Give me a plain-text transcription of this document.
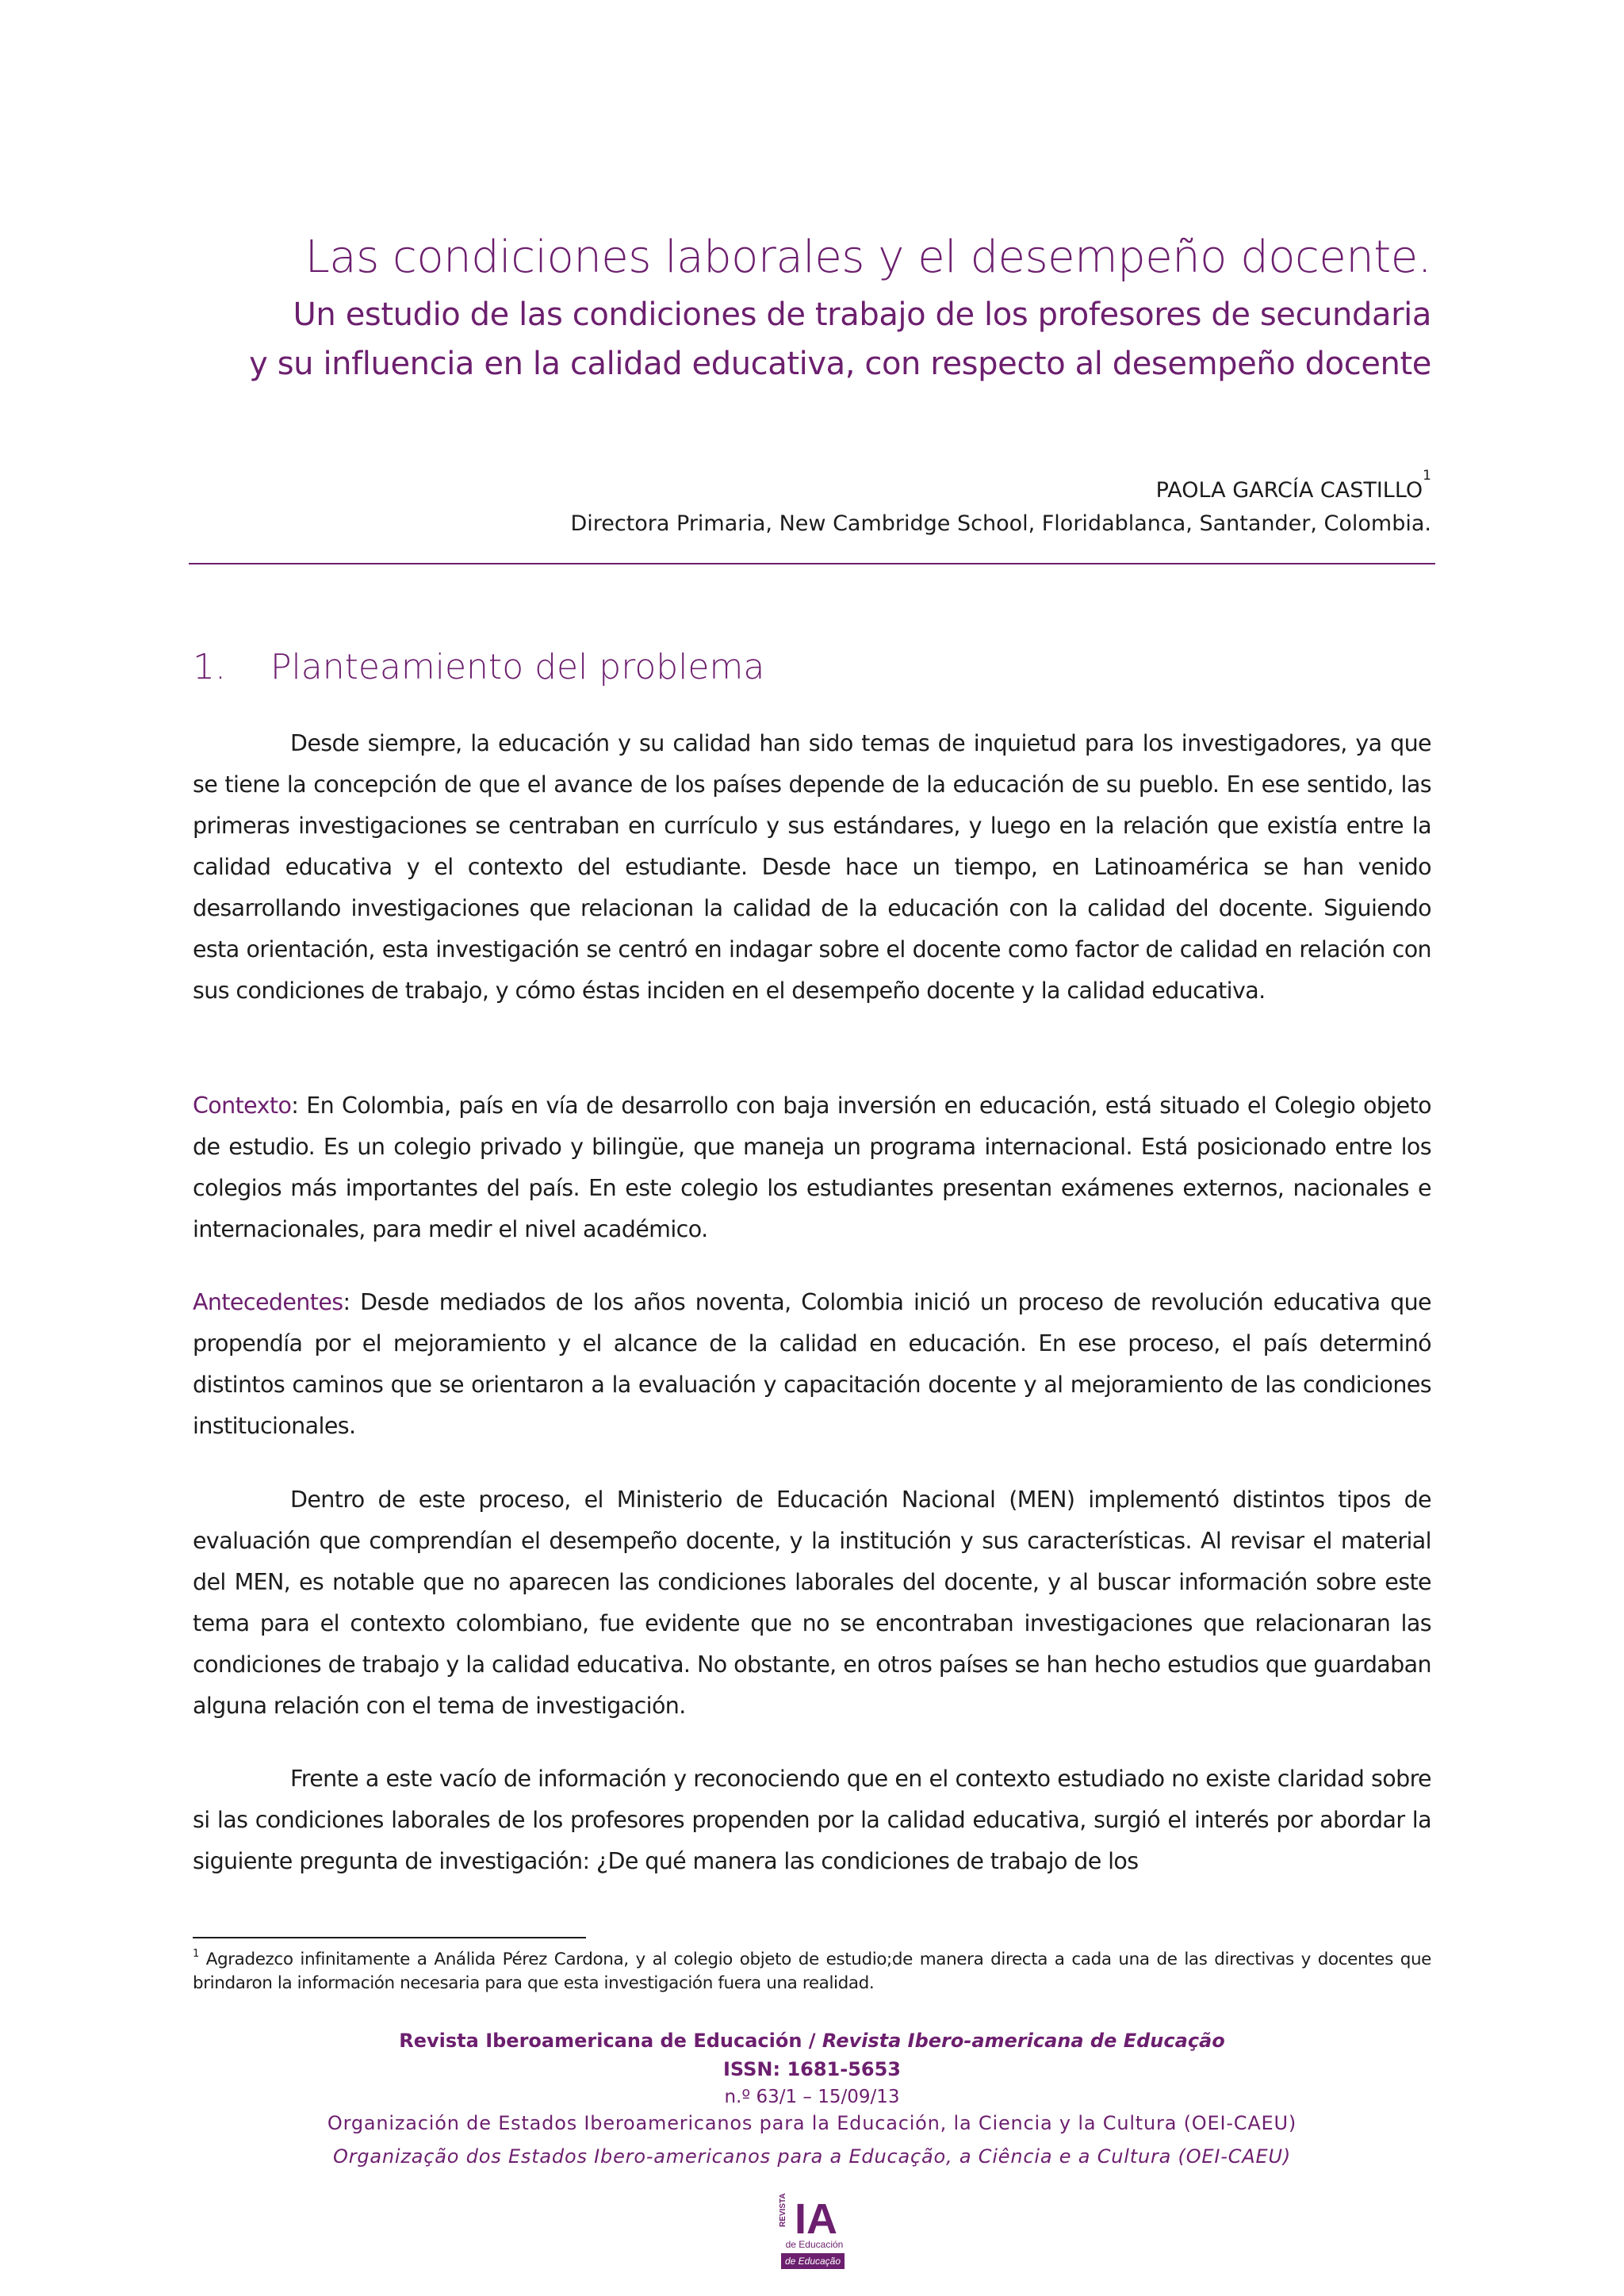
Las condiciones laborales y el desempeño docente.
Un estudio de las condiciones de trabajo de los profesores de secundaria
y su influencia en la calidad educativa, con respecto al desempeño docente
PAOLA GARCÍA CASTILLO$^1$
Directora Primaria, New Cambridge School, Floridablanca, Santander, Colombia.
1. Planteamiento del problema

Desde siempre, la educación y su calidad han sido temas de inquietud para los investigadores, ya que se tiene la concepción de que el avance de los países depende de la educación de su pueblo. En ese sentido, las primeras investigaciones se centraban en currículo y sus estándares, y luego en la relación que existía entre la calidad educativa y el contexto del estudiante. Desde hace un tiempo, en Latinoamérica se han venido desarrollando investigaciones que relacionan la calidad de la educación con la calidad del docente. Siguiendo esta orientación, esta investigación se centró en indagar sobre el docente como factor de calidad en relación con sus condiciones de trabajo, y cómo éstas inciden en el desempeño docente y la calidad educativa.

Contexto: En Colombia, país en vía de desarrollo con baja inversión en educación, está situado el Colegio objeto de estudio. Es un colegio privado y bilingüe, que maneja un programa internacional. Está posicionado entre los colegios más importantes del país. En este colegio los estudiantes presentan exámenes externos, nacionales e internacionales, para medir el nivel académico.

Antecedentes: Desde mediados de los años noventa, Colombia inició un proceso de revolución educativa que propendía por el mejoramiento y el alcance de la calidad en educación. En ese proceso, el país determinó distintos caminos que se orientaron a la evaluación y capacitación docente y al mejoramiento de las condiciones institucionales.

Dentro de este proceso, el Ministerio de Educación Nacional (MEN) implementó distintos tipos de evaluación que comprendían el desempeño docente, y la institución y sus características. Al revisar el material del MEN, es notable que no aparecen las condiciones laborales del docente, y al buscar información sobre este tema para el contexto colombiano, fue evidente que no se encontraban investigaciones que relacionaran las condiciones de trabajo y la calidad educativa. No obstante, en otros países se han hecho estudios que guardaban alguna relación con el tema de investigación.

Frente a este vacío de información y reconociendo que en el contexto estudiado no existe claridad sobre si las condiciones laborales de los profesores propenden por la calidad educativa, surgió el interés por abordar la siguiente pregunta de investigación: ¿De qué manera las condiciones de trabajo de los

$^1$ Agradezco infinitamente a Análida Pérez Cardona, y al colegio objeto de estudio;de manera directa a cada una de las directivas y docentes que brindaron la información necesaria para que esta investigación fuera una realidad.

Revista Iberoamericana de Educación / Revista Ibero-americana de Educação
ISSN: 1681-5653
n.º 63/1 – 15/09/13
Organización de Estados Iberoamericanos para la Educación, la Ciencia y la Cultura (OEI-CAEU)
Organização dos Estados Ibero-americanos para a Educação, a Ciência e a Cultura (OEI-CAEU)
REVISTA IA
de Educación
de Educação
